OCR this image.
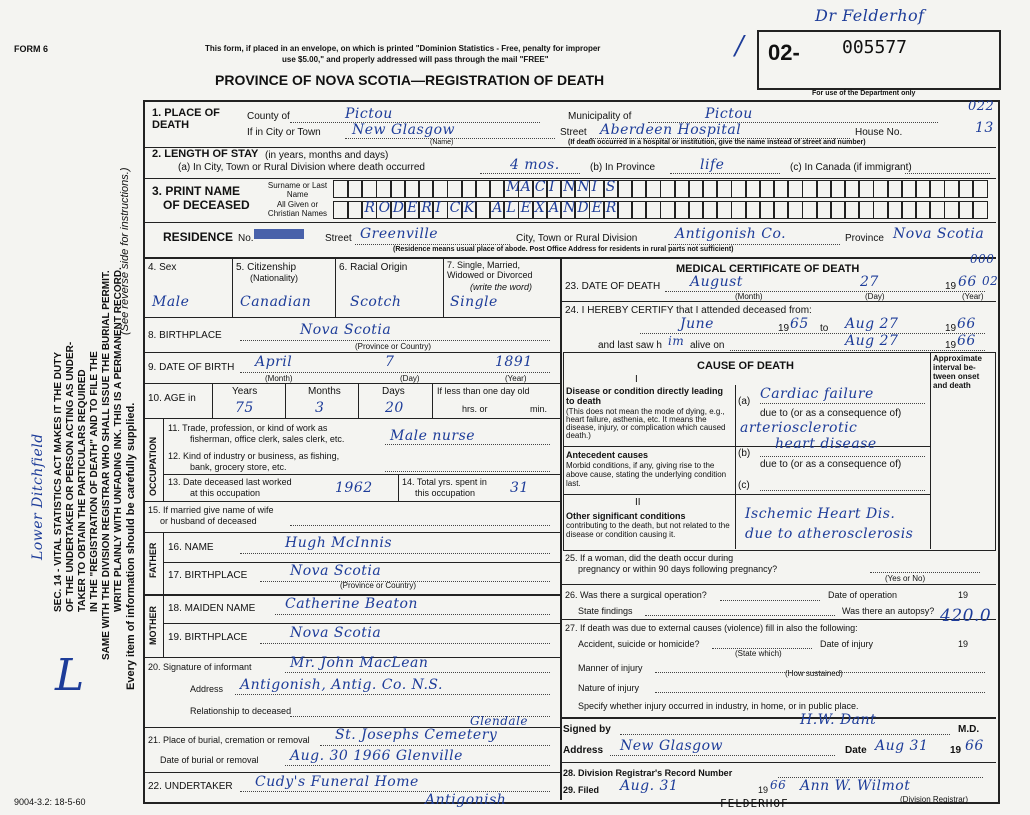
FORM 6	This form, if placed in an envelope, on which is printed "Dominion Statistics - Free, penalty for improper
use $5.00," and properly addressed will pass through the mail "FREE"
PROVINCE OF NOVA SCOTIA—REGISTRATION OF DEATH
/ 02- 005577
Dr Felderhof
For use of the Department only
SEC. 14 - VITAL STATISTICS ACT MAKES IT THE DUTY OF THE UNDERTAKER OR PERSON ACTING AS UNDER- TAKER TO OBTAIN THE PARTICULARS REQUIRED IN THE "REGISTRATION OF DEATH" AND TO FILE THE SAME WITH THE DIVISION REGISTRAR WHO SHALL ISSUE THE BURIAL PERMIT. WRITE PLAINLY WITH UNFADING INK. THIS IS A PERMANENT RECORD. Every item of information should be carefully supplied.
(See reverse side for instructions.)
Lower Ditchfield
L
1. PLACE OF DEATH
County of	Pictou	Municipality of	Pictou	022
If in City or Town New Glasgow
(Name)
Street Aberdeen Hospital	House No.	13
(If death occurred in a hospital or institution, give the name instead of street and number)
2. LENGTH OF STAY (in years, months and days)
(a) In City, Town or Rural Division where death occurred	4 mos.	(b) In Province	life	(c) In Canada (if immigrant)
3. PRINT NAME
OF DECEASED
Surname or Last Name
All Given or Christian Names
M A C I N N I S
R O D E R I C K A L E X A N D E R
RESIDENCE No.	Street Greenville	City, Town or Rural Division	Antigonish Co.	Province Nova Scotia
(Residence means usual place of abode. Post Office Address for residents in rural parts not sufficient)
4. Sex	5. Citizenship
(Nationality)
6. Racial Origin	7. Single, Married, Widowed or Divorced
(write the word)
Male	Canadian	Scotch	Single
8. BIRTHPLACE	Nova Scotia
(Province or Country)
9. DATE OF BIRTH April	7	1891
(Month)	(Day)	(Year)
10. AGE in
Years	Months	Days
75	3	20
If less than one day old
hrs. or	min.
OCCUPATION
11. Trade, profession, or kind of work as
fisherman, office clerk, sales clerk, etc.	Male nurse
12. Kind of industry or business, as fishing,
bank, grocery store, etc.
13. Date deceased last worked
at this occupation	1962	14. Total yrs. spent in
this occupation 31
15. If married give name of wife
or husband of deceased
FATHER 16. NAME	Hugh McInnis
17. BIRTHPLACE	Nova Scotia
(Province or Country)
MOTHER 18. MAIDEN NAME Catherine Beaton
19. BIRTHPLACE	Nova Scotia
20. Signature of informant	Mr. John MacLean
Address Antigonish, Antig. Co. N.S.
Relationship to deceased
21. Place of burial, cremation or removal St. Josephs Cemetery
Glendale
Date of burial or removal Aug. 30 1966 Glenville
22. UNDERTAKER Cudy's Funeral Home
Antigonish
MEDICAL CERTIFICATE OF DEATH
000
23. DATE OF DEATH August	27	19 66 02
(Month)	(Day)	(Year)
24. I HEREBY CERTIFY that I attended deceased from:
June	19 65 to Aug 27	19 66
and last saw h im alive on	Aug 27	19 66
CAUSE OF DEATH
Approximate interval be-tween onset and death
I
Disease or condition directly leading to death
(This does not mean the mode of dying, e.g., heart failure, asthenia, etc. It means the disease, injury, or complication which caused death.)
(a) Cardiac failure
due to (or as a consequence of)
arteriosclerotic
Antecedent causes
Morbid conditions, if any, giving rise to the above cause, stating the underlying condition last.
heart disease
(b)
due to (or as a consequence of)
(c)
II
Other significant conditions
contributing to the death, but not related to the disease or condition causing it.
Ischemic Heart Dis.
due to atherosclerosis
25. If a woman, did the death occur during
pregnancy or within 90 days following pregnancy?
(Yes or No)
26. Was there a surgical operation?	Date of operation	19
State findings	Was there an autopsy?
27. If death was due to external causes (violence) fill in also the following:
420.0
Accident, suicide or homicide?	Date of injury	19
(State which)
Manner of injury
Nature of injury
(How sustained)
Specify whether injury occurred in industry, in home, or in public place.
Signed by
H.W. Dant
M.D.
Address New Glasgow	Date Aug 31 19 66
28. Division Registrar's Record Number
29. Filed Aug. 31	19 66 Ann W. Wilmot
(Division Registrar)
FELDERHOF
9004-3.2: 18-5-60
